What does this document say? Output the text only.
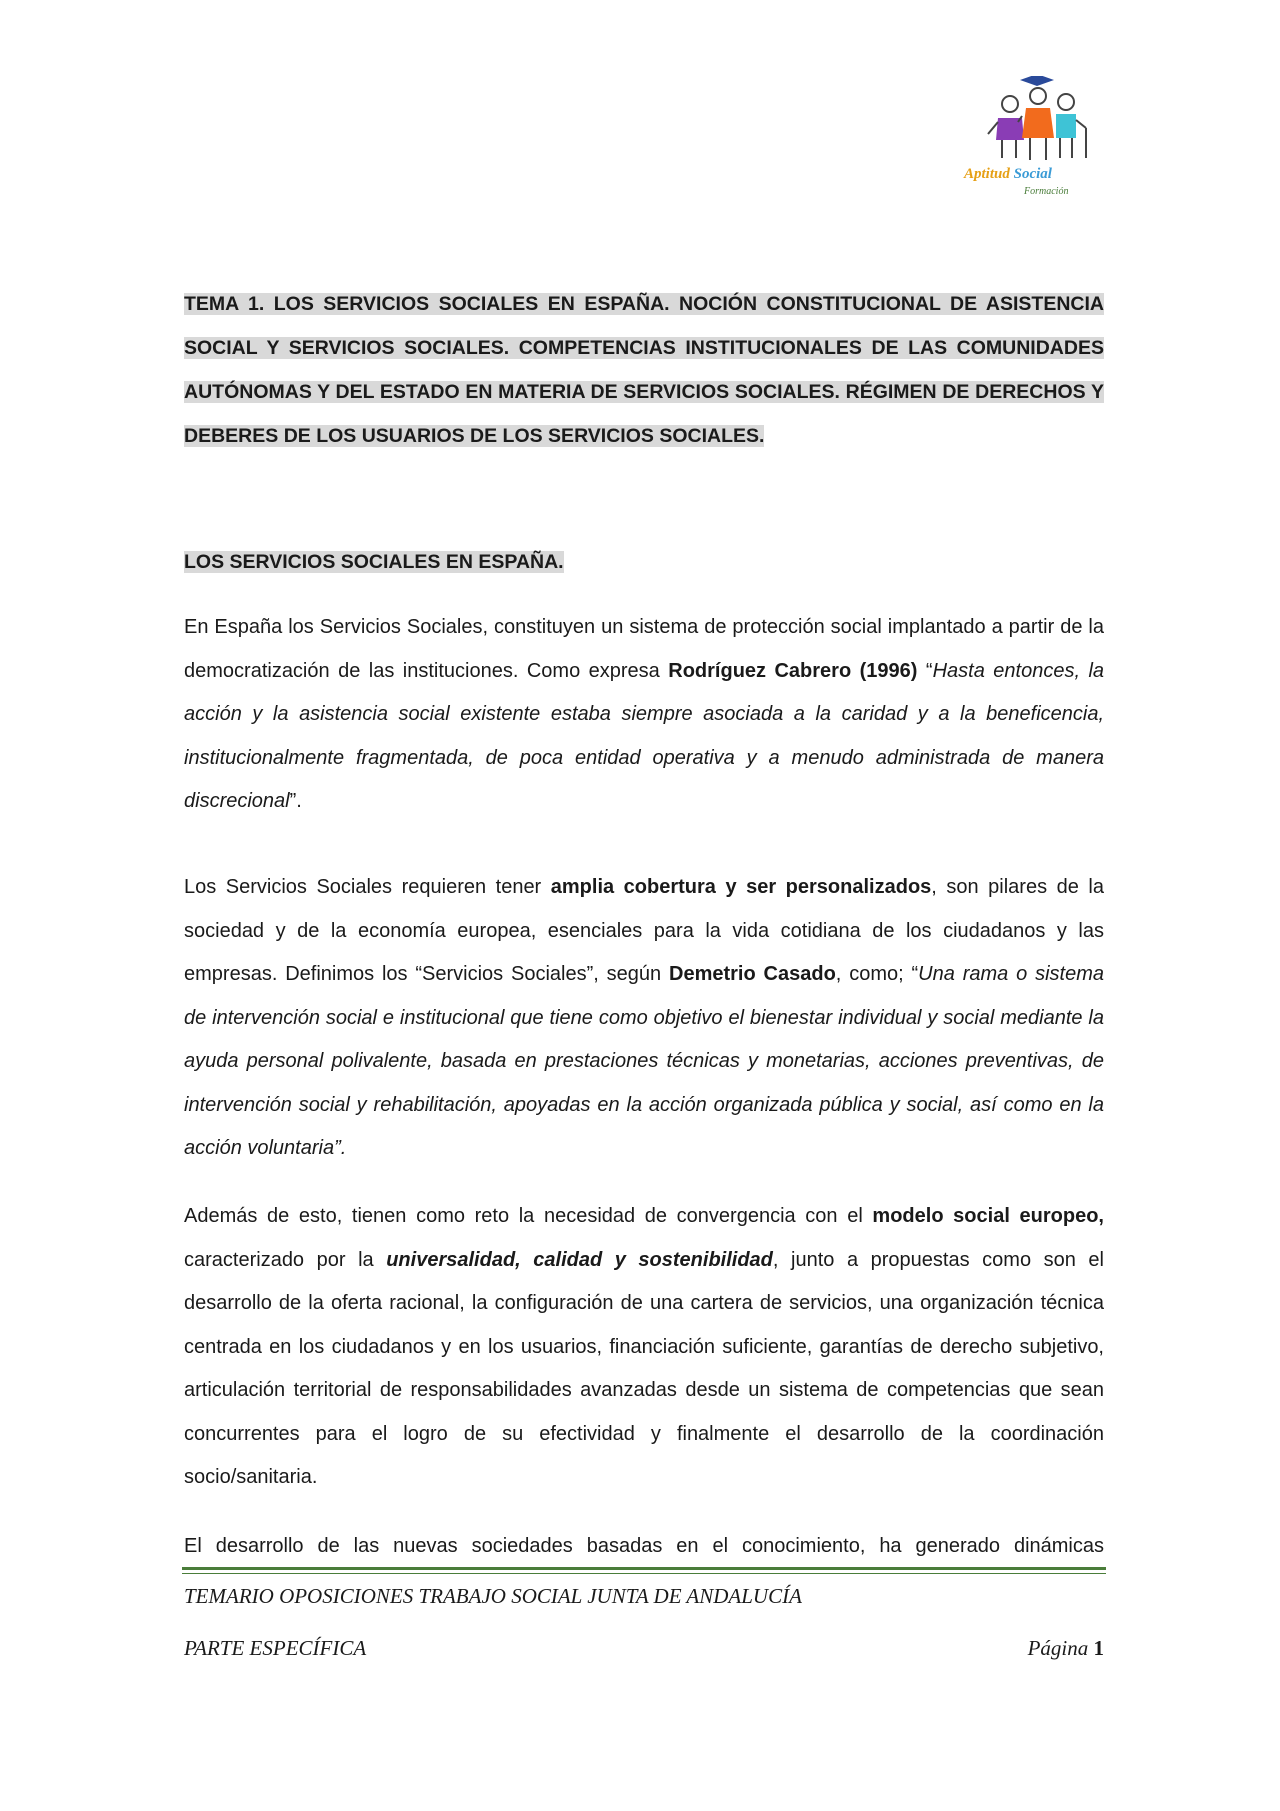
Aptitud Social
Formación
TEMA 1. LOS SERVICIOS SOCIALES EN ESPAÑA. NOCIÓN CONSTITUCIONAL DE ASISTENCIA SOCIAL Y SERVICIOS SOCIALES. COMPETENCIAS INSTITUCIONALES DE LAS COMUNIDADES AUTÓNOMAS Y DEL ESTADO EN MATERIA DE SERVICIOS SOCIALES. RÉGIMEN DE DERECHOS Y DEBERES DE LOS USUARIOS DE LOS SERVICIOS SOCIALES.
LOS SERVICIOS SOCIALES EN ESPAÑA.
En España los Servicios Sociales, constituyen un sistema de protección social implantado a partir de la democratización de las instituciones. Como expresa Rodríguez Cabrero (1996) “Hasta entonces, la acción y la asistencia social existente estaba siempre asociada a la caridad y a la beneficencia, institucionalmente fragmentada, de poca entidad operativa y a menudo administrada de manera discrecional”.
Los Servicios Sociales requieren tener amplia cobertura y ser personalizados, son pilares de la sociedad y de la economía europea, esenciales para la vida cotidiana de los ciudadanos y las empresas. Definimos los “Servicios Sociales”, según Demetrio Casado, como; “Una rama o sistema de intervención social e institucional que tiene como objetivo el bienestar individual y social mediante la ayuda personal polivalente, basada en prestaciones técnicas y monetarias, acciones preventivas, de intervención social y rehabilitación, apoyadas en la acción organizada pública y social, así como en la acción voluntaria”.
Además de esto, tienen como reto la necesidad de convergencia con el modelo social europeo, caracterizado por la universalidad, calidad y sostenibilidad, junto a propuestas como son el desarrollo de la oferta racional, la configuración de una cartera de servicios, una organización técnica centrada en los ciudadanos y en los usuarios, financiación suficiente, garantías de derecho subjetivo, articulación territorial de responsabilidades avanzadas desde un sistema de competencias que sean concurrentes para el logro de su efectividad y finalmente el desarrollo de la coordinación socio/sanitaria.
El desarrollo de las nuevas sociedades basadas en el conocimiento, ha generado dinámicas
TEMARIO OPOSICIONES TRABAJO SOCIAL JUNTA DE ANDALUCÍA
PARTE ESPECÍFICA	Página 1
